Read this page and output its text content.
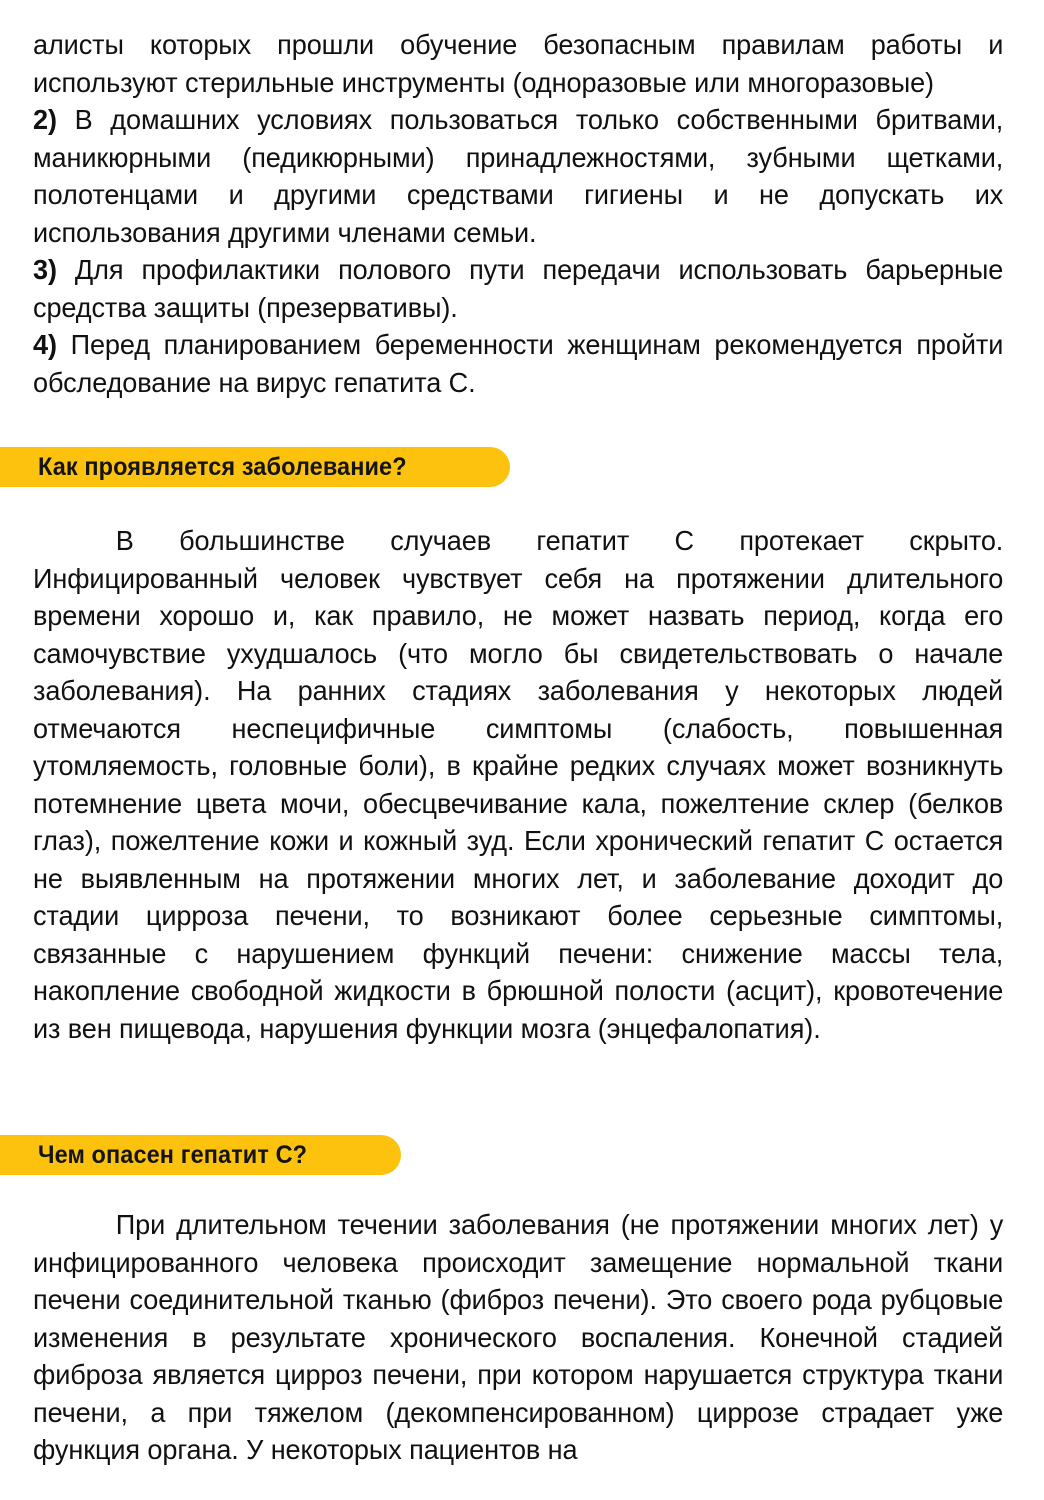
алисты которых прошли обучение безопасным правилам работы и используют стерильные инструменты (одноразовые или многоразовые)

2) В домашних условиях пользоваться только собственными бритвами, маникюрными (педикюрными) принадлежностями, зубными щетками, полотенцами и другими средствами гигиены и не допускать их использования другими членами семьи.

3) Для профилактики полового пути передачи использовать барьерные средства защиты (презервативы).

4) Перед планированием беременности женщинам рекомендуется пройти обследование на вирус гепатита С.

Как проявляется заболевание?

В большинстве случаев гепатит С протекает скрыто. Инфицированный человек чувствует себя на протяжении длительного времени хорошо и, как правило, не может назвать период, когда его самочувствие ухудшалось (что могло бы свидетельствовать о начале заболевания). На ранних стадиях заболевания у некоторых людей отмечаются неспецифичные симптомы (слабость, повышенная утомляемость, головные боли), в крайне редких случаях может возникнуть потемнение цвета мочи, обесцвечивание кала, пожелтение склер (белков глаз), пожелтение кожи и кожный зуд. Если хронический гепатит С остается не выявленным на протяжении многих лет, и заболевание доходит до стадии цирроза печени, то возникают более серьезные симптомы, связанные с нарушением функций печени: снижение массы тела, накопление свободной жидкости в брюшной полости (асцит), кровотечение из вен пищевода, нарушения функции мозга (энцефалопатия).

Чем опасен гепатит С?

При длительном течении заболевания (не протяжении многих лет) у инфицированного человека происходит замещение нормальной ткани печени соединительной тканью (фиброз печени). Это своего рода рубцовые изменения в результате хронического воспаления. Конечной стадией фиброза является цирроз печени, при котором нарушается структура ткани печени, а при тяжелом (декомпенсированном) циррозе страдает уже функция органа. У некоторых пациентов на
